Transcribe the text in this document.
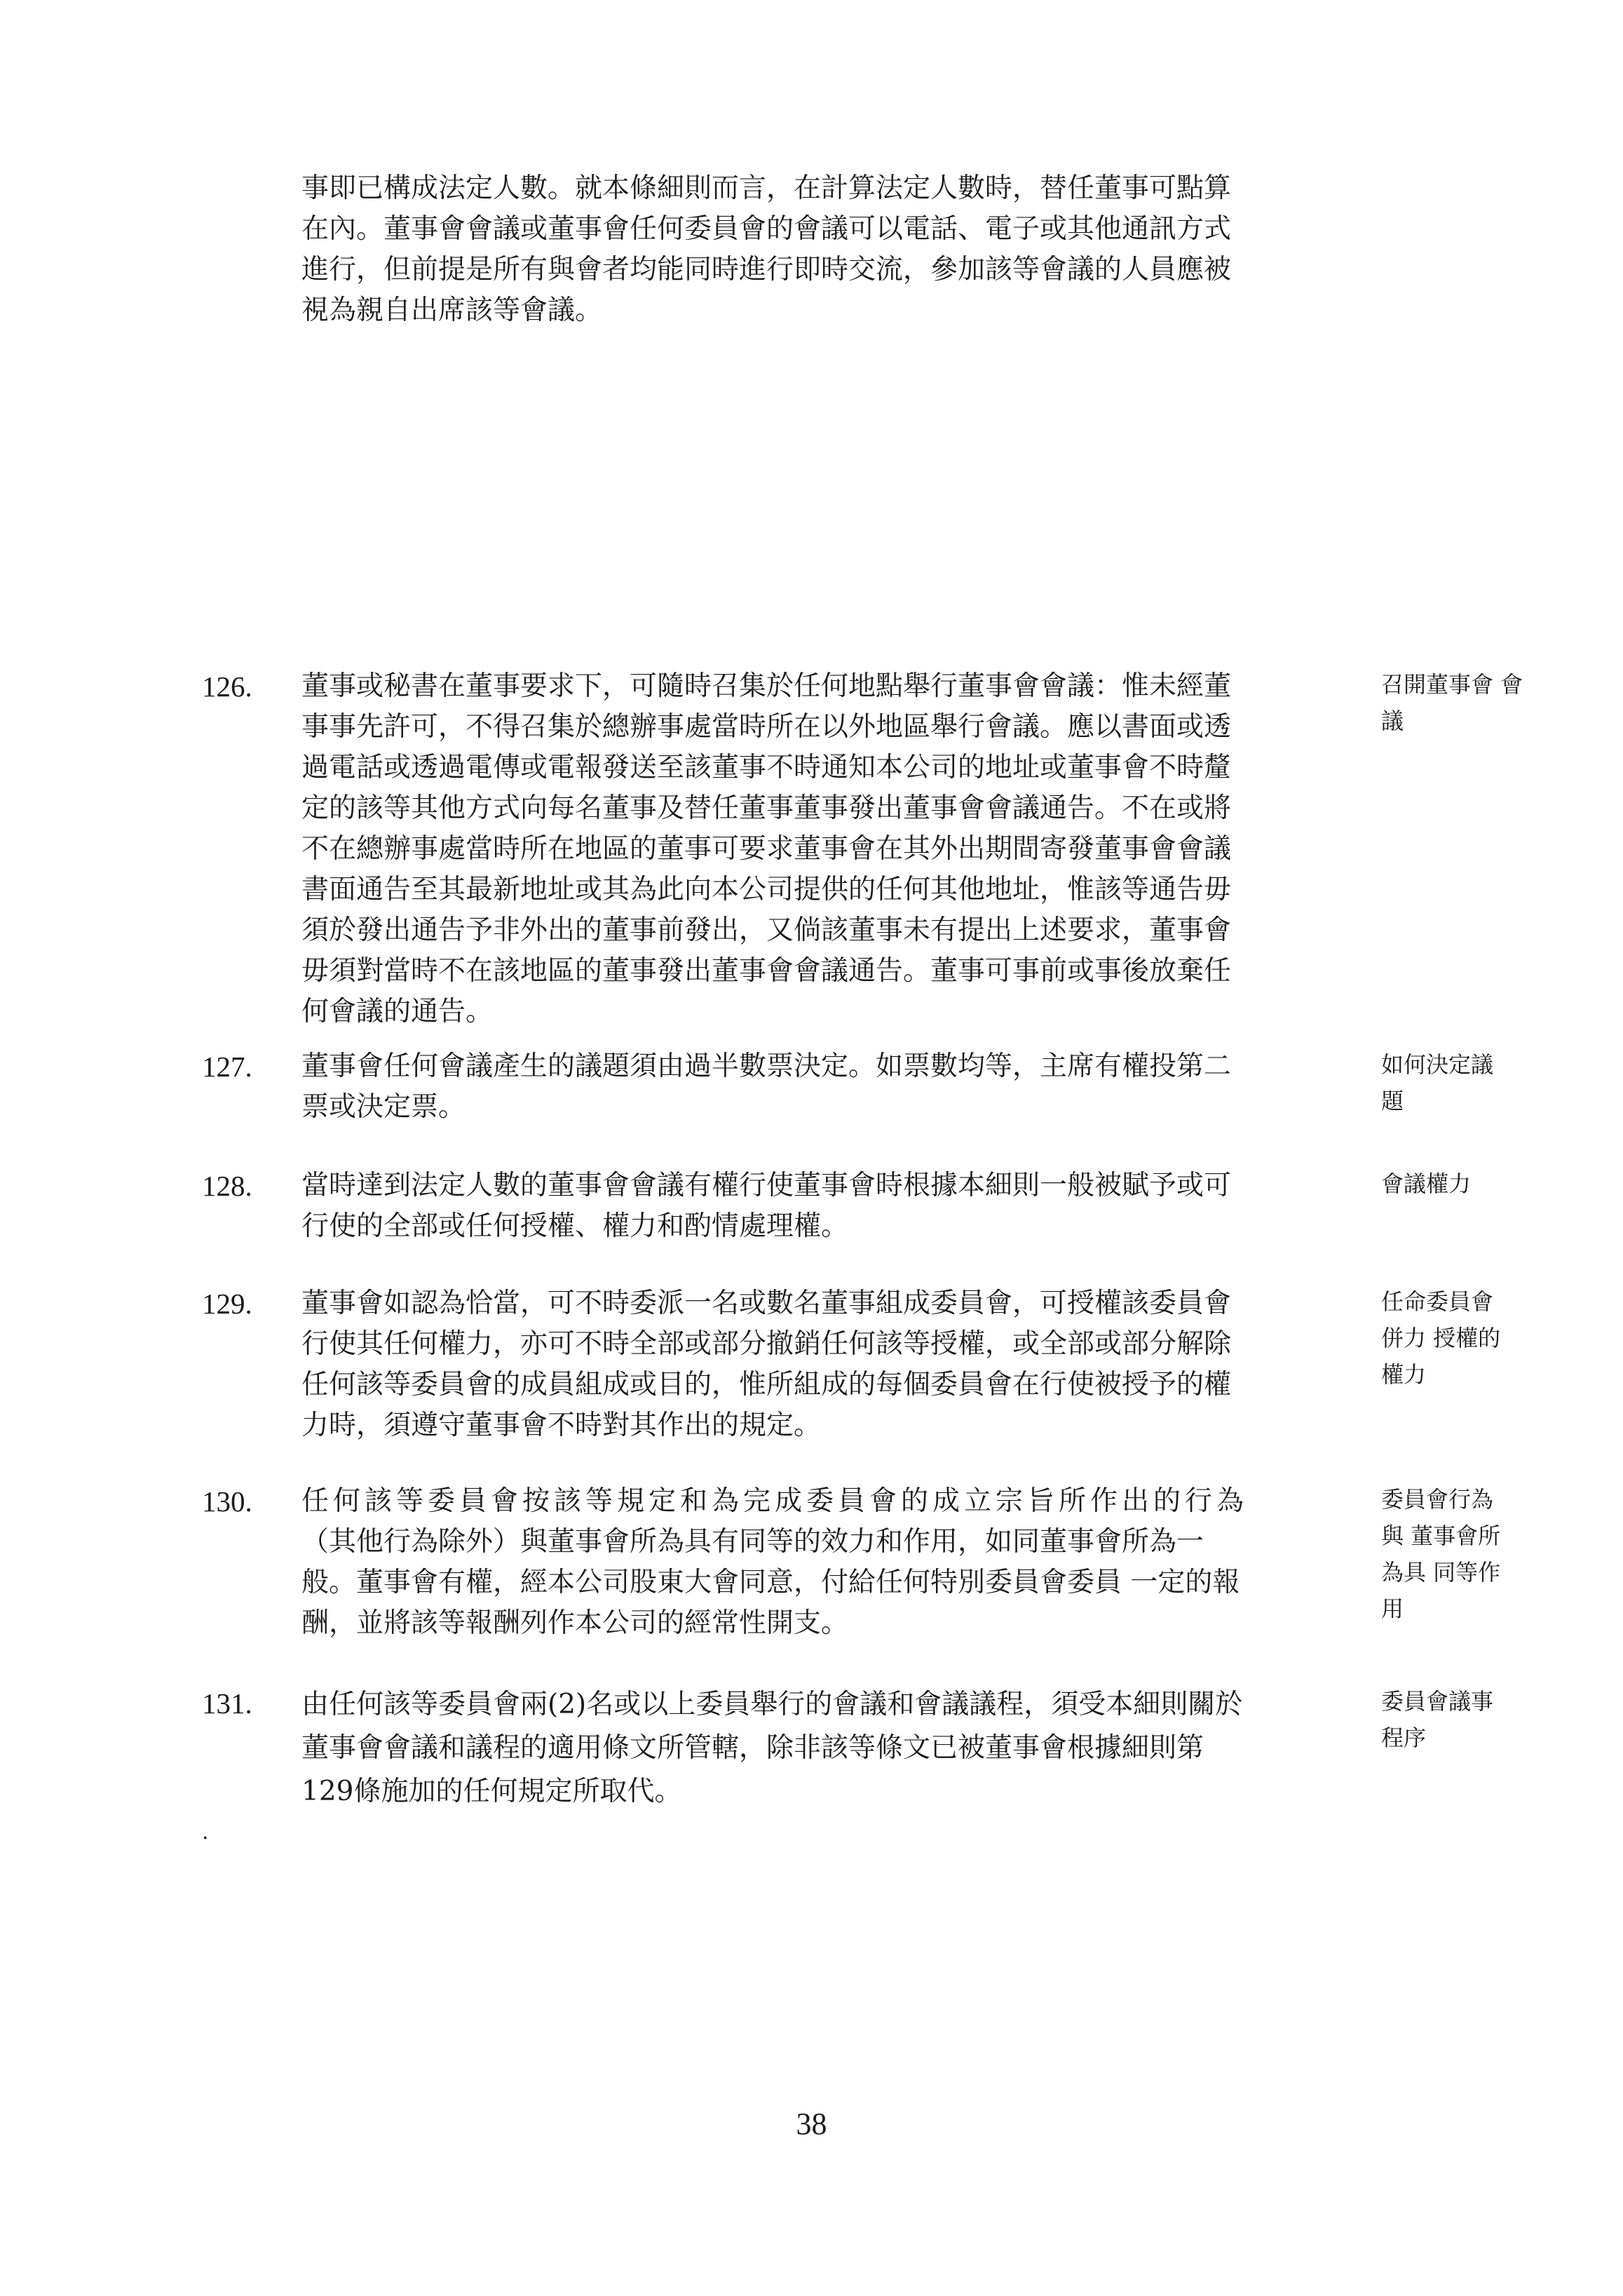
事即已構成法定人數。就本條細則而言，在計算法定人數時，替任董事可點算
在內。董事會會議或董事會任何委員會的會議可以電話、電子或其他通訊方式
進行，但前提是所有與會者均能同時進行即時交流，參加該等會議的人員應被
視為親自出席該等會議。
126. 董事或秘書在董事要求下，可隨時召集於任何地點舉行董事會會議：惟未經董
事事先許可，不得召集於總辦事處當時所在以外地區舉行會議。應以書面或透
過電話或透過電傳或電報發送至該董事不時通知本公司的地址或董事會不時釐
定的該等其他方式向每名董事及替任董事董事發出董事會會議通告。不在或將
不在總辦事處當時所在地區的董事可要求董事會在其外出期間寄發董事會會議
書面通告至其最新地址或其為此向本公司提供的任何其他地址，惟該等通告毋
須於發出通告予非外出的董事前發出，又倘該董事未有提出上述要求，董事會
毋須對當時不在該地區的董事發出董事會會議通告。董事可事前或事後放棄任
何會議的通告。
召開董事會 會
議
127. 董事會任何會議產生的議題須由過半數票決定。如票數均等，主席有權投第二
票或決定票。
如何決定議
題
128. 當時達到法定人數的董事會會議有權行使董事會時根據本細則一般被賦予或可
行使的全部或任何授權、權力和酌情處理權。
會議權力
129. 董事會如認為恰當，可不時委派一名或數名董事組成委員會，可授權該委員會
行使其任何權力，亦可不時全部或部分撤銷任何該等授權，或全部或部分解除
任何該等委員會的成員組成或目的，惟所組成的每個委員會在行使被授予的權
力時，須遵守董事會不時對其作出的規定。
任命委員會
併力 授權的
權力
130. 任何該等委員會按該等規定和為完成委員會的成立宗旨所作出的行為
（其他行為除外）與董事會所為具有同等的效力和作用，如同董事會所為一
般。董事會有權，經本公司股東大會同意，付給任何特別委員會委員 一定的報
酬，並將該等報酬列作本公司的經常性開支。
委員會行為
與 董事會所
為具 同等作
用
131. 由任何該等委員會兩(2)名或以上委員舉行的會議和會議議程，須受本細則關於
董事會會議和議程的適用條文所管轄，除非該等條文已被董事會根據細則第
129條施加的任何規定所取代。
委員會議事
程序
.
38
